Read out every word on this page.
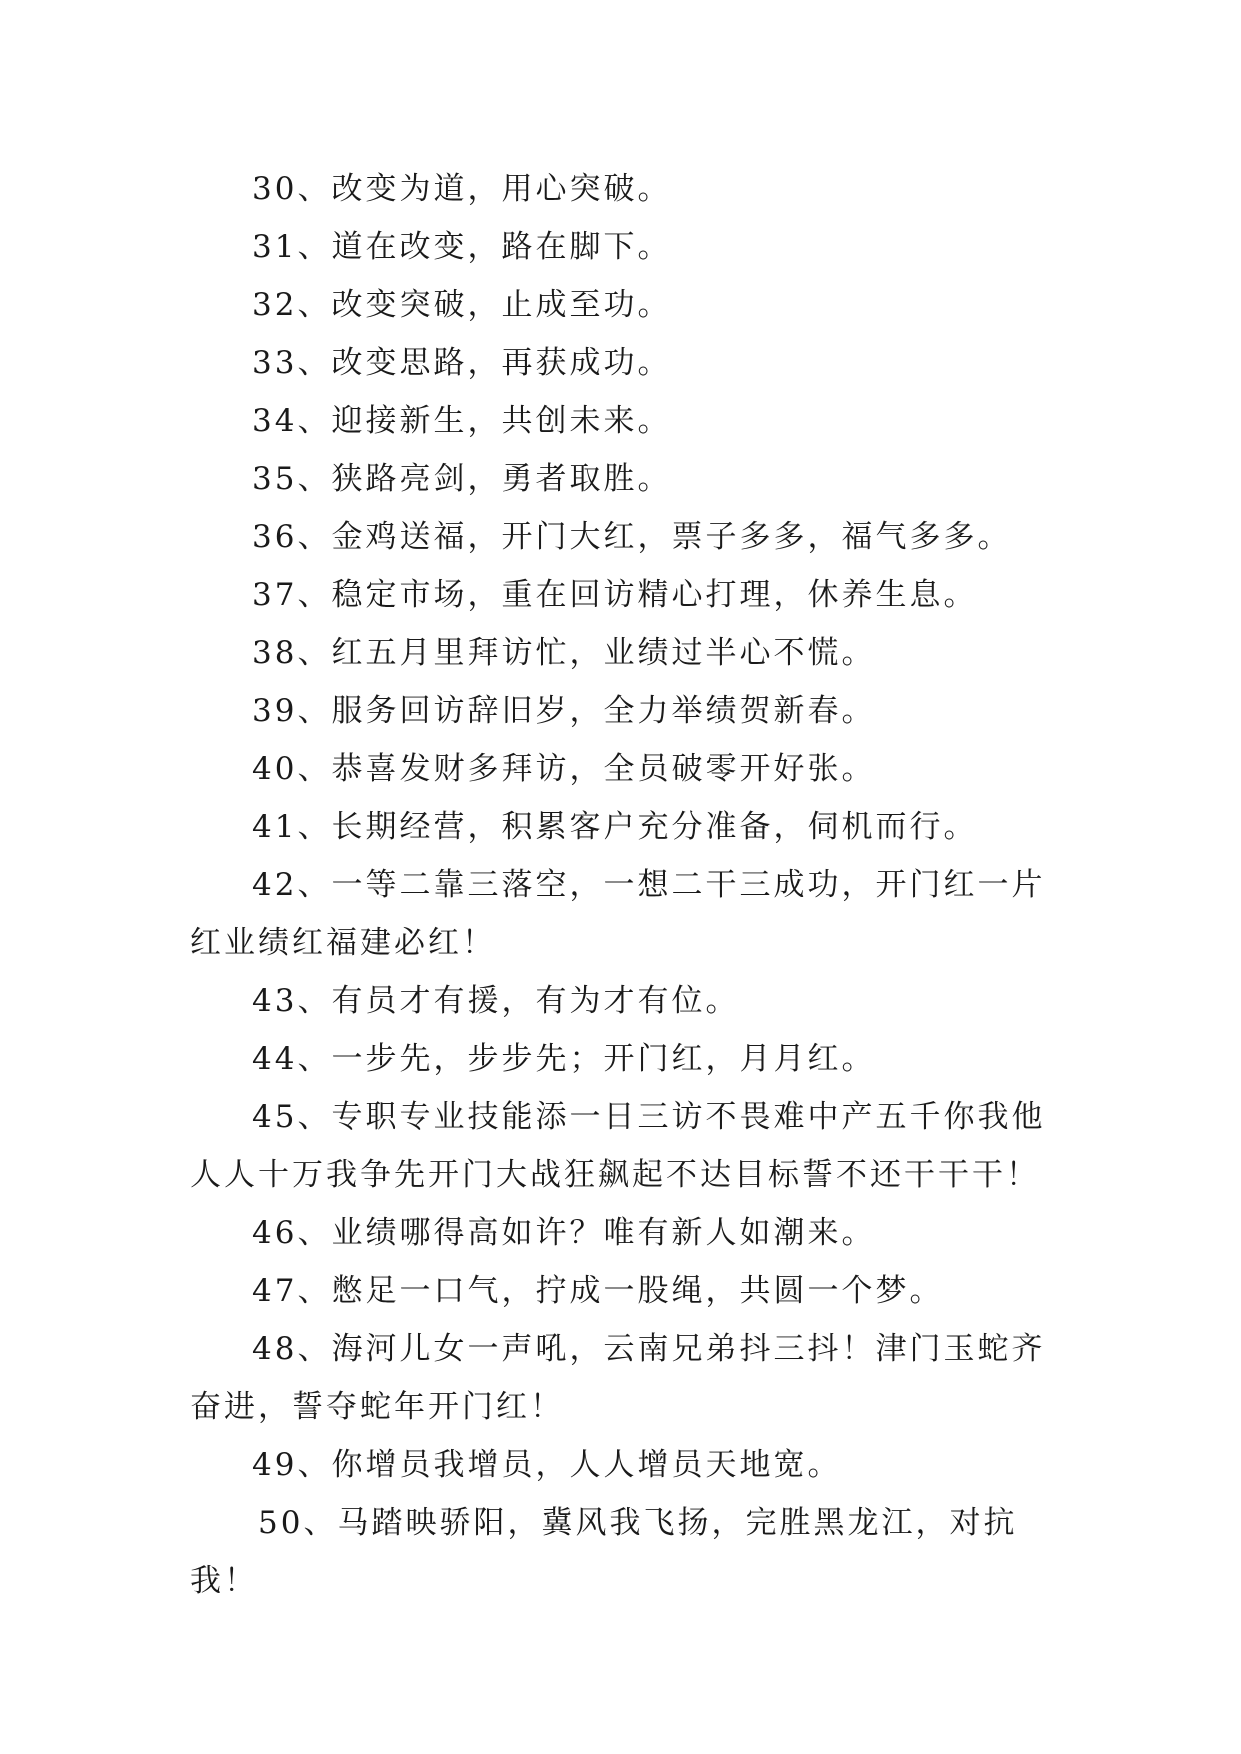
30、改变为道，用心突破。

31、道在改变，路在脚下。

32、改变突破，止成至功。

33、改变思路，再获成功。

34、迎接新生，共创未来。

35、狭路亮剑，勇者取胜。

36、金鸡送福，开门大红，票子多多，福气多多。

37、稳定市场，重在回访精心打理，休养生息。

38、红五月里拜访忙，业绩过半心不慌。

39、服务回访辞旧岁，全力举绩贺新春。

40、恭喜发财多拜访，全员破零开好张。

41、长期经营，积累客户充分准备，伺机而行。

42、一等二靠三落空，一想二干三成功，开门红一片红业绩红福建必红！

43、有员才有援，有为才有位。

44、一步先，步步先；开门红，月月红。

45、专职专业技能添一日三访不畏难中产五千你我他人人十万我争先开门大战狂飙起不达目标誓不还干干干！

46、业绩哪得高如许？唯有新人如潮来。

47、憋足一口气，拧成一股绳，共圆一个梦。

48、海河儿女一声吼，云南兄弟抖三抖！津门玉蛇齐奋进，誓夺蛇年开门红！

49、你增员我增员，人人增员天地宽。

50、马踏映骄阳，冀风我飞扬，完胜黑龙江，对抗我！
